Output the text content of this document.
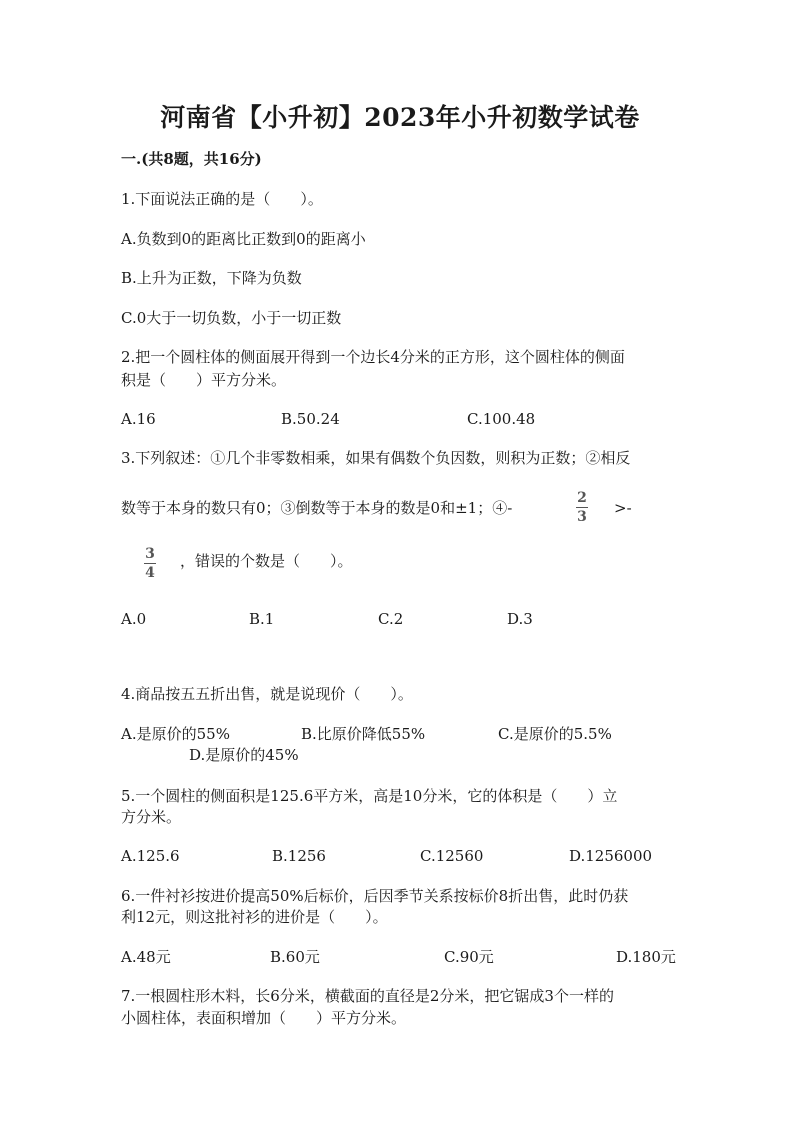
河南省【小升初】2023年小升初数学试卷
一.(共8题，共16分)
1.下面说法正确的是（　　）。
A.负数到0的距离比正数到0的距离小
B.上升为正数，下降为负数
C.0大于一切负数，小于一切正数
2.把一个圆柱体的侧面展开得到一个边长4分米的正方形，这个圆柱体的侧面
积是（　　）平方分米。
A.16	B.50.24	C.100.48
3.下列叙述：①几个非零数相乘，如果有偶数个负因数，则积为正数；②相反
数等于本身的数只有0；③倒数等于本身的数是0和±1；④-
2
3 >-
3
4
，错误的个数是（　　）。
A.0	B.1	C.2	D.3
4.商品按五五折出售，就是说现价（　　）。
A.是原价的55%	B.比原价降低55%	C.是原价的5.5%
D.是原价的45%
5.一个圆柱的侧面积是125.6平方米，高是10分米，它的体积是（　　）立
方分米。
A.125.6	B.1256	C.12560	D.1256000
6.一件衬衫按进价提高50%后标价，后因季节关系按标价8折出售，此时仍获
利12元，则这批衬衫的进价是（　　）。
A.48元	B.60元	C.90元	D.180元
7.一根圆柱形木料，长6分米，横截面的直径是2分米，把它锯成3个一样的
小圆柱体，表面积增加（　　）平方分米。
